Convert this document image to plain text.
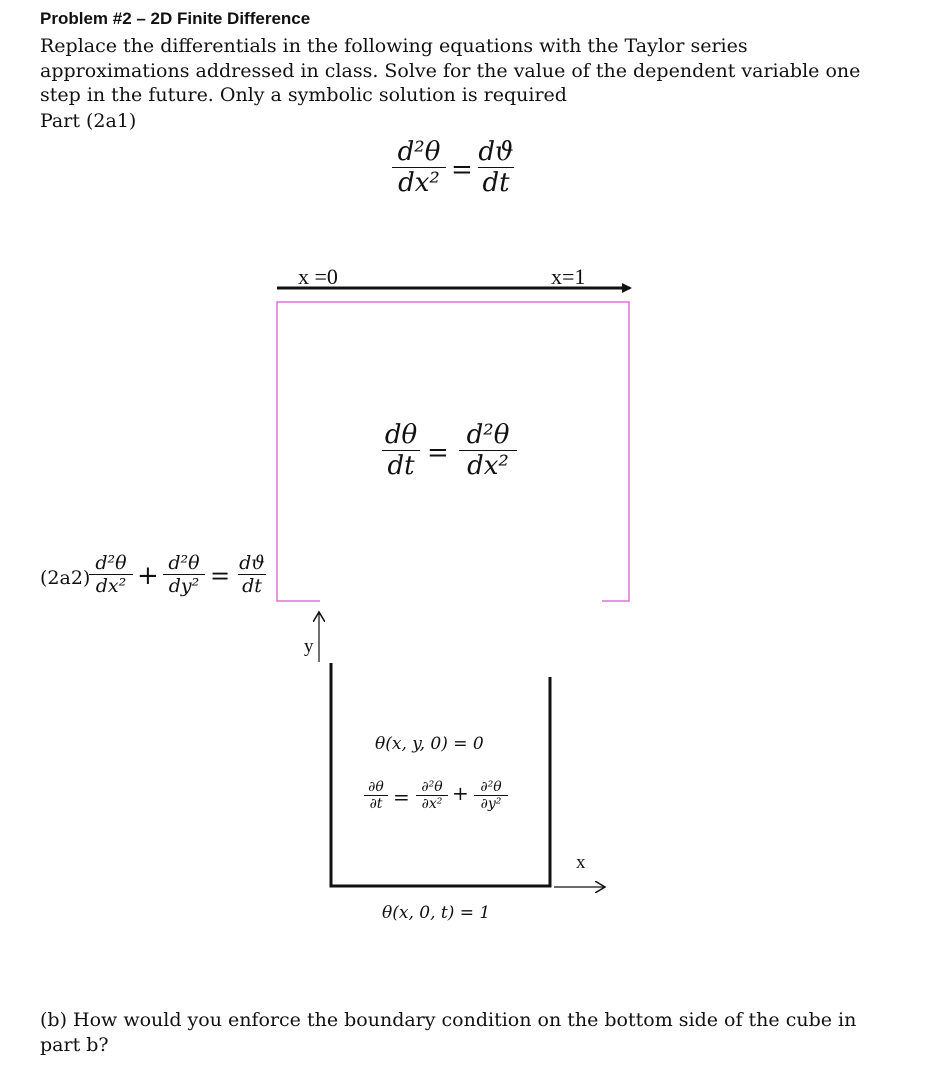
Problem #2 – 2D Finite Difference
Replace the differentials in the following equations with the Taylor series approximations addressed in class. Solve for the value of the dependent variable one step in the future. Only a symbolic solution is required
Part (2a1)
d²θ
dx² =
dϑ
dt
x =0	x=1
dθ
dt =
d²θ
dx²
(2a2)
d²θ
dx² + d²θ
dy² = dϑ
dt
y
x
θ(x, y, 0) = 0
∂θ
∂t = ∂²θ
∂x² + ∂²θ
∂y²
θ(x, 0, t) = 1
(b) How would you enforce the boundary condition on the bottom side of the cube in part b?
